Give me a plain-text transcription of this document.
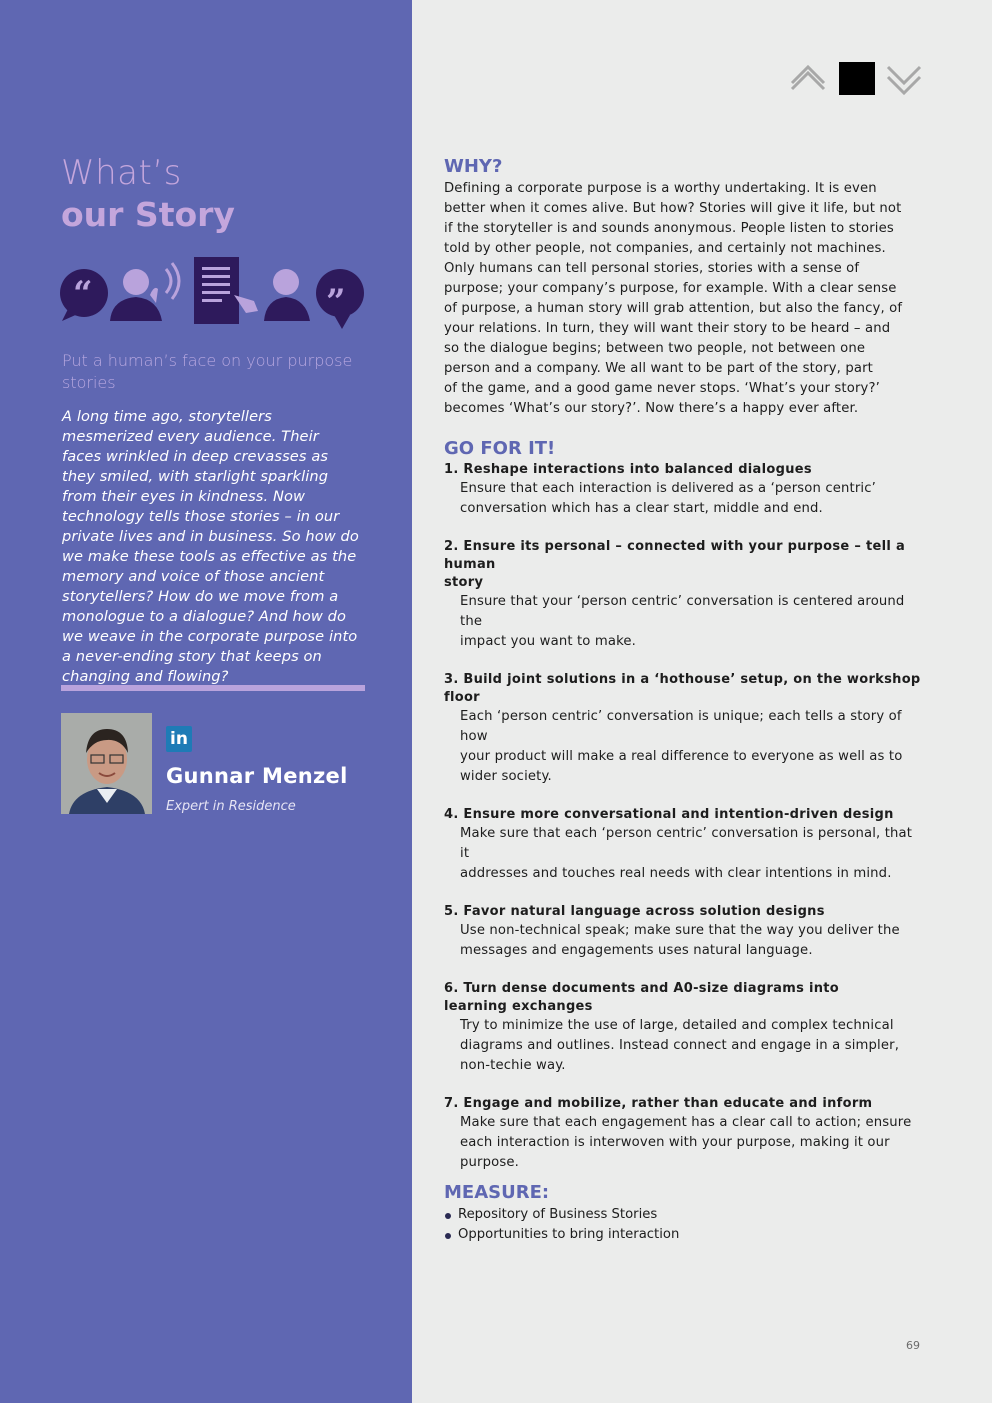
What’s
our Story
“	”
Put a human’s face on your purpose stories
A long time ago, storytellers mesmerized every audience. Their faces wrinkled in deep crevasses as they smiled, with starlight sparkling from their eyes in kindness. Now technology tells those stories – in our private lives and in business. So how do we make these tools as effective as the memory and voice of those ancient storytellers? How do we move from a monologue to a dialogue? And how do we weave in the corporate purpose into a never-ending story that keeps on changing and flowing?
in
Gunnar Menzel
Expert in Residence
WHY?

Defining a corporate purpose is a worthy undertaking. It is even
better when it comes alive. But how? Stories will give it life, but not
if the storyteller is and sounds anonymous. People listen to stories
told by other people, not companies, and certainly not machines.
Only humans can tell personal stories, stories with a sense of
purpose; your company’s purpose, for example. With a clear sense
of purpose, a human story will grab attention, but also the fancy, of
your relations. In turn, they will want their story to be heard – and
so the dialogue begins; between two people, not between one
person and a company. We all want to be part of the story, part
of the game, and a good game never stops. ‘What’s your story?’
becomes ‘What’s our story?’. Now there’s a happy ever after.

GO FOR IT!
1. Reshape interactions into balanced dialogues
Ensure that each interaction is delivered as a ‘person centric’
conversation which has a clear start, middle and end.
2. Ensure its personal – connected with your purpose – tell a human
story
Ensure that your ‘person centric’ conversation is centered around the
impact you want to make.
3. Build joint solutions in a ‘hothouse’ setup, on the workshop floor
Each ‘person centric’ conversation is unique; each tells a story of how
your product will make a real difference to everyone as well as to
wider society.
4. Ensure more conversational and intention-driven design
Make sure that each ‘person centric’ conversation is personal, that it
addresses and touches real needs with clear intentions in mind.
5. Favor natural language across solution designs
Use non-technical speak; make sure that the way you deliver the
messages and engagements uses natural language.
6. Turn dense documents and A0-size diagrams into
learning exchanges
Try to minimize the use of large, detailed and complex technical
diagrams and outlines. Instead connect and engage in a simpler,
non-techie way.
7. Engage and mobilize, rather than educate and inform
Make sure that each engagement has a clear call to action; ensure
each interaction is interwoven with your purpose, making it our
purpose.
MEASURE:
Repository of Business Stories
Opportunities to bring interaction
69
